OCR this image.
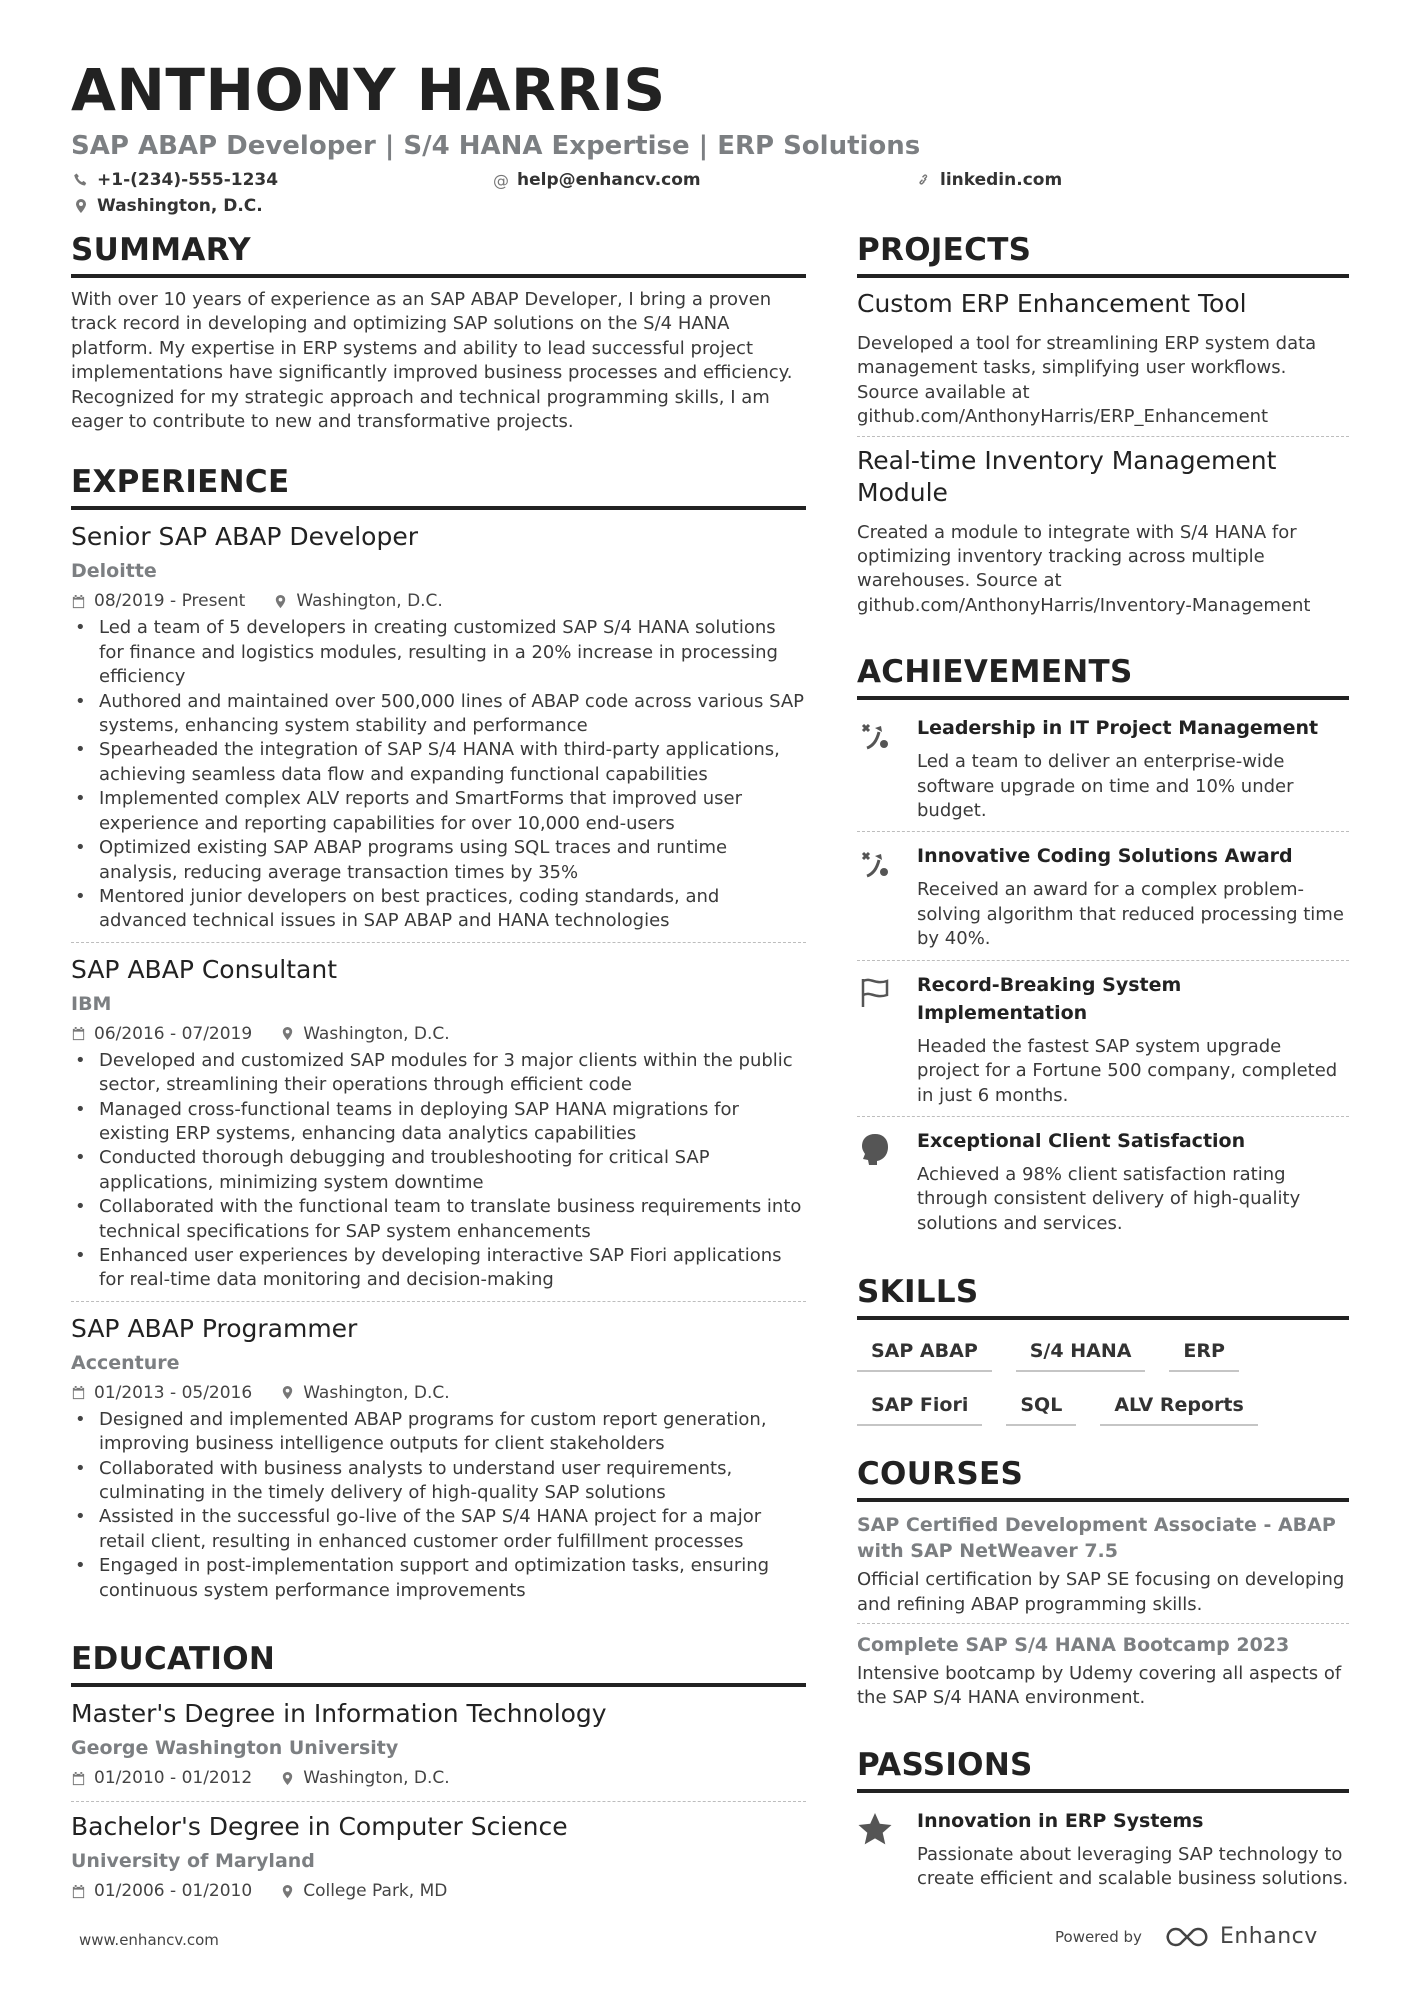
ANTHONY HARRIS
SAP ABAP Developer | S/4 HANA Expertise | ERP Solutions
+1-(234)-555-1234	@ help@enhancv.com	linkedin.com
Washington, D.C.
SUMMARY
With over 10 years of experience as an SAP ABAP Developer, I bring a proven track record in developing and optimizing SAP solutions on the S/4 HANA platform. My expertise in ERP systems and ability to lead successful project implementations have significantly improved business processes and efficiency. Recognized for my strategic approach and technical programming skills, I am eager to contribute to new and transformative projects.
EXPERIENCE
Senior SAP ABAP Developer
Deloitte
08/2019 - Present	Washington, D.C.
• Led a team of 5 developers in creating customized SAP S/4 HANA solutions for finance and logistics modules, resulting in a 20% increase in processing efficiency
• Authored and maintained over 500,000 lines of ABAP code across various SAP systems, enhancing system stability and performance
• Spearheaded the integration of SAP S/4 HANA with third-party applications, achieving seamless data flow and expanding functional capabilities
• Implemented complex ALV reports and SmartForms that improved user experience and reporting capabilities for over 10,000 end-users
• Optimized existing SAP ABAP programs using SQL traces and runtime analysis, reducing average transaction times by 35%
• Mentored junior developers on best practices, coding standards, and advanced technical issues in SAP ABAP and HANA technologies
SAP ABAP Consultant
IBM
06/2016 - 07/2019	Washington, D.C.
• Developed and customized SAP modules for 3 major clients within the public sector, streamlining their operations through efficient code
• Managed cross-functional teams in deploying SAP HANA migrations for existing ERP systems, enhancing data analytics capabilities
• Conducted thorough debugging and troubleshooting for critical SAP applications, minimizing system downtime
• Collaborated with the functional team to translate business requirements into technical specifications for SAP system enhancements
• Enhanced user experiences by developing interactive SAP Fiori applications for real-time data monitoring and decision-making
SAP ABAP Programmer
Accenture
01/2013 - 05/2016	Washington, D.C.
• Designed and implemented ABAP programs for custom report generation, improving business intelligence outputs for client stakeholders
• Collaborated with business analysts to understand user requirements, culminating in the timely delivery of high-quality SAP solutions
• Assisted in the successful go-live of the SAP S/4 HANA project for a major retail client, resulting in enhanced customer order fulfillment processes
• Engaged in post-implementation support and optimization tasks, ensuring continuous system performance improvements
EDUCATION
Master's Degree in Information Technology
George Washington University
01/2010 - 01/2012	Washington, D.C.
Bachelor's Degree in Computer Science
University of Maryland
01/2006 - 01/2010	College Park, MD
PROJECTS
Custom ERP Enhancement Tool
Developed a tool for streamlining ERP system data management tasks, simplifying user workflows. Source available at github.com/AnthonyHarris/ERP_Enhancement
Real-time Inventory Management Module
Created a module to integrate with S/4 HANA for optimizing inventory tracking across multiple warehouses. Source at github.com/AnthonyHarris/Inventory-Management
ACHIEVEMENTS
Leadership in IT Project Management
Led a team to deliver an enterprise-wide software upgrade on time and 10% under budget.
Innovative Coding Solutions Award
Received an award for a complex problem-solving algorithm that reduced processing time by 40%.
Record-Breaking System Implementation
Headed the fastest SAP system upgrade project for a Fortune 500 company, completed in just 6 months.
Exceptional Client Satisfaction
Achieved a 98% client satisfaction rating through consistent delivery of high-quality solutions and services.
SKILLS
SAP ABAP	S/4 HANA	ERP
SAP Fiori	SQL	ALV Reports
COURSES
SAP Certified Development Associate - ABAP with SAP NetWeaver 7.5
Official certification by SAP SE focusing on developing and refining ABAP programming skills.
Complete SAP S/4 HANA Bootcamp 2023
Intensive bootcamp by Udemy covering all aspects of the SAP S/4 HANA environment.
PASSIONS
Innovation in ERP Systems
Passionate about leveraging SAP technology to create efficient and scalable business solutions.
www.enhancv.com	Powered by	Enhancv
